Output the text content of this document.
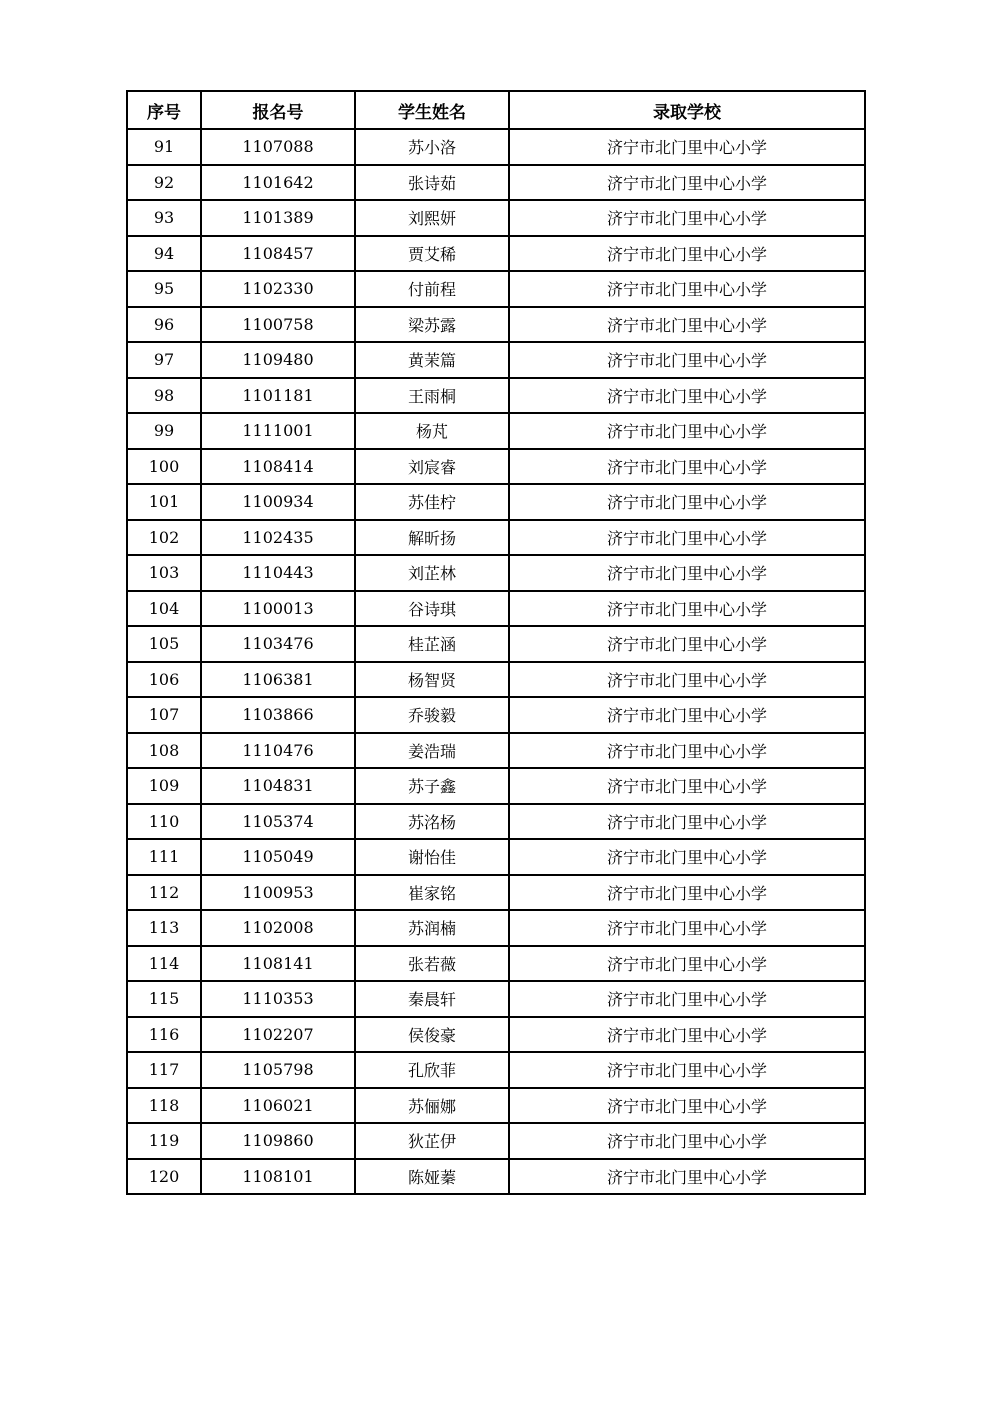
序号	报名号	学生姓名	录取学校
91	1107088	苏小洛	济宁市北门里中心小学
92	1101642	张诗茹	济宁市北门里中心小学
93	1101389	刘熙妍	济宁市北门里中心小学
94	1108457	贾艾稀	济宁市北门里中心小学
95	1102330	付前程	济宁市北门里中心小学
96	1100758	梁苏露	济宁市北门里中心小学
97	1109480	黄茉篇	济宁市北门里中心小学
98	1101181	王雨桐	济宁市北门里中心小学
99	1111001	杨芃	济宁市北门里中心小学
100	1108414	刘宸睿	济宁市北门里中心小学
101	1100934	苏佳柠	济宁市北门里中心小学
102	1102435	解昕扬	济宁市北门里中心小学
103	1110443	刘芷林	济宁市北门里中心小学
104	1100013	谷诗琪	济宁市北门里中心小学
105	1103476	桂芷涵	济宁市北门里中心小学
106	1106381	杨智贤	济宁市北门里中心小学
107	1103866	乔骏毅	济宁市北门里中心小学
108	1110476	姜浩瑞	济宁市北门里中心小学
109	1104831	苏子鑫	济宁市北门里中心小学
110	1105374	苏洺杨	济宁市北门里中心小学
111	1105049	谢怡佳	济宁市北门里中心小学
112	1100953	崔家铭	济宁市北门里中心小学
113	1102008	苏润楠	济宁市北门里中心小学
114	1108141	张若薇	济宁市北门里中心小学
115	1110353	秦晨轩	济宁市北门里中心小学
116	1102207	侯俊豪	济宁市北门里中心小学
117	1105798	孔欣菲	济宁市北门里中心小学
118	1106021	苏俪娜	济宁市北门里中心小学
119	1109860	狄芷伊	济宁市北门里中心小学
120	1108101	陈娅蓁	济宁市北门里中心小学
